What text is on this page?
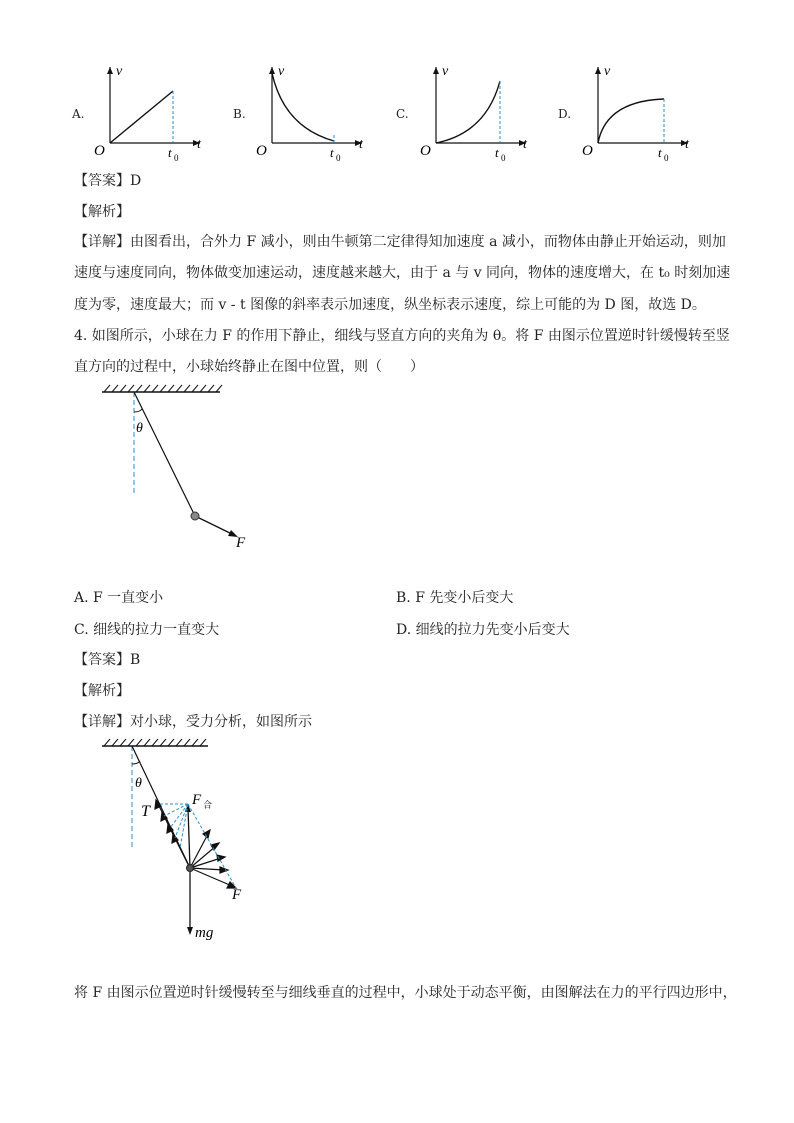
A.
v
t
O	t 0
B.
v
t
O	t 0
C.
v
t
O	t 0
D.
v
t
O	t 0
【答案】D
【解析】
【详解】由图看出，合外力 F 减小，则由牛顿第二定律得知加速度 a 减小，而物体由静止开始运动，则加
速度与速度同向，物体做变加速运动，速度越来越大，由于 a 与 v 同向，物体的速度增大，在 t₀ 时刻加速
度为零，速度最大；而 v - t 图像的斜率表示加速度，纵坐标表示速度，综上可能的为 D 图，故选 D。
4. 如图所示，小球在力 F 的作用下静止，细线与竖直方向的夹角为 θ。将 F 由图示位置逆时针缓慢转至竖
直方向的过程中，小球始终静止在图中位置，则（　　）
θ
F
A. F 一直变小	B. F 先变小后变大
C. 细线的拉力一直变大	D. 细线的拉力先变小后变大
【答案】B
【解析】
【详解】对小球，受力分析，如图所示
θ
T
F 合
F
mg
将 F 由图示位置逆时针缓慢转至与细线垂直的过程中，小球处于动态平衡，由图解法在力的平行四边形中，
